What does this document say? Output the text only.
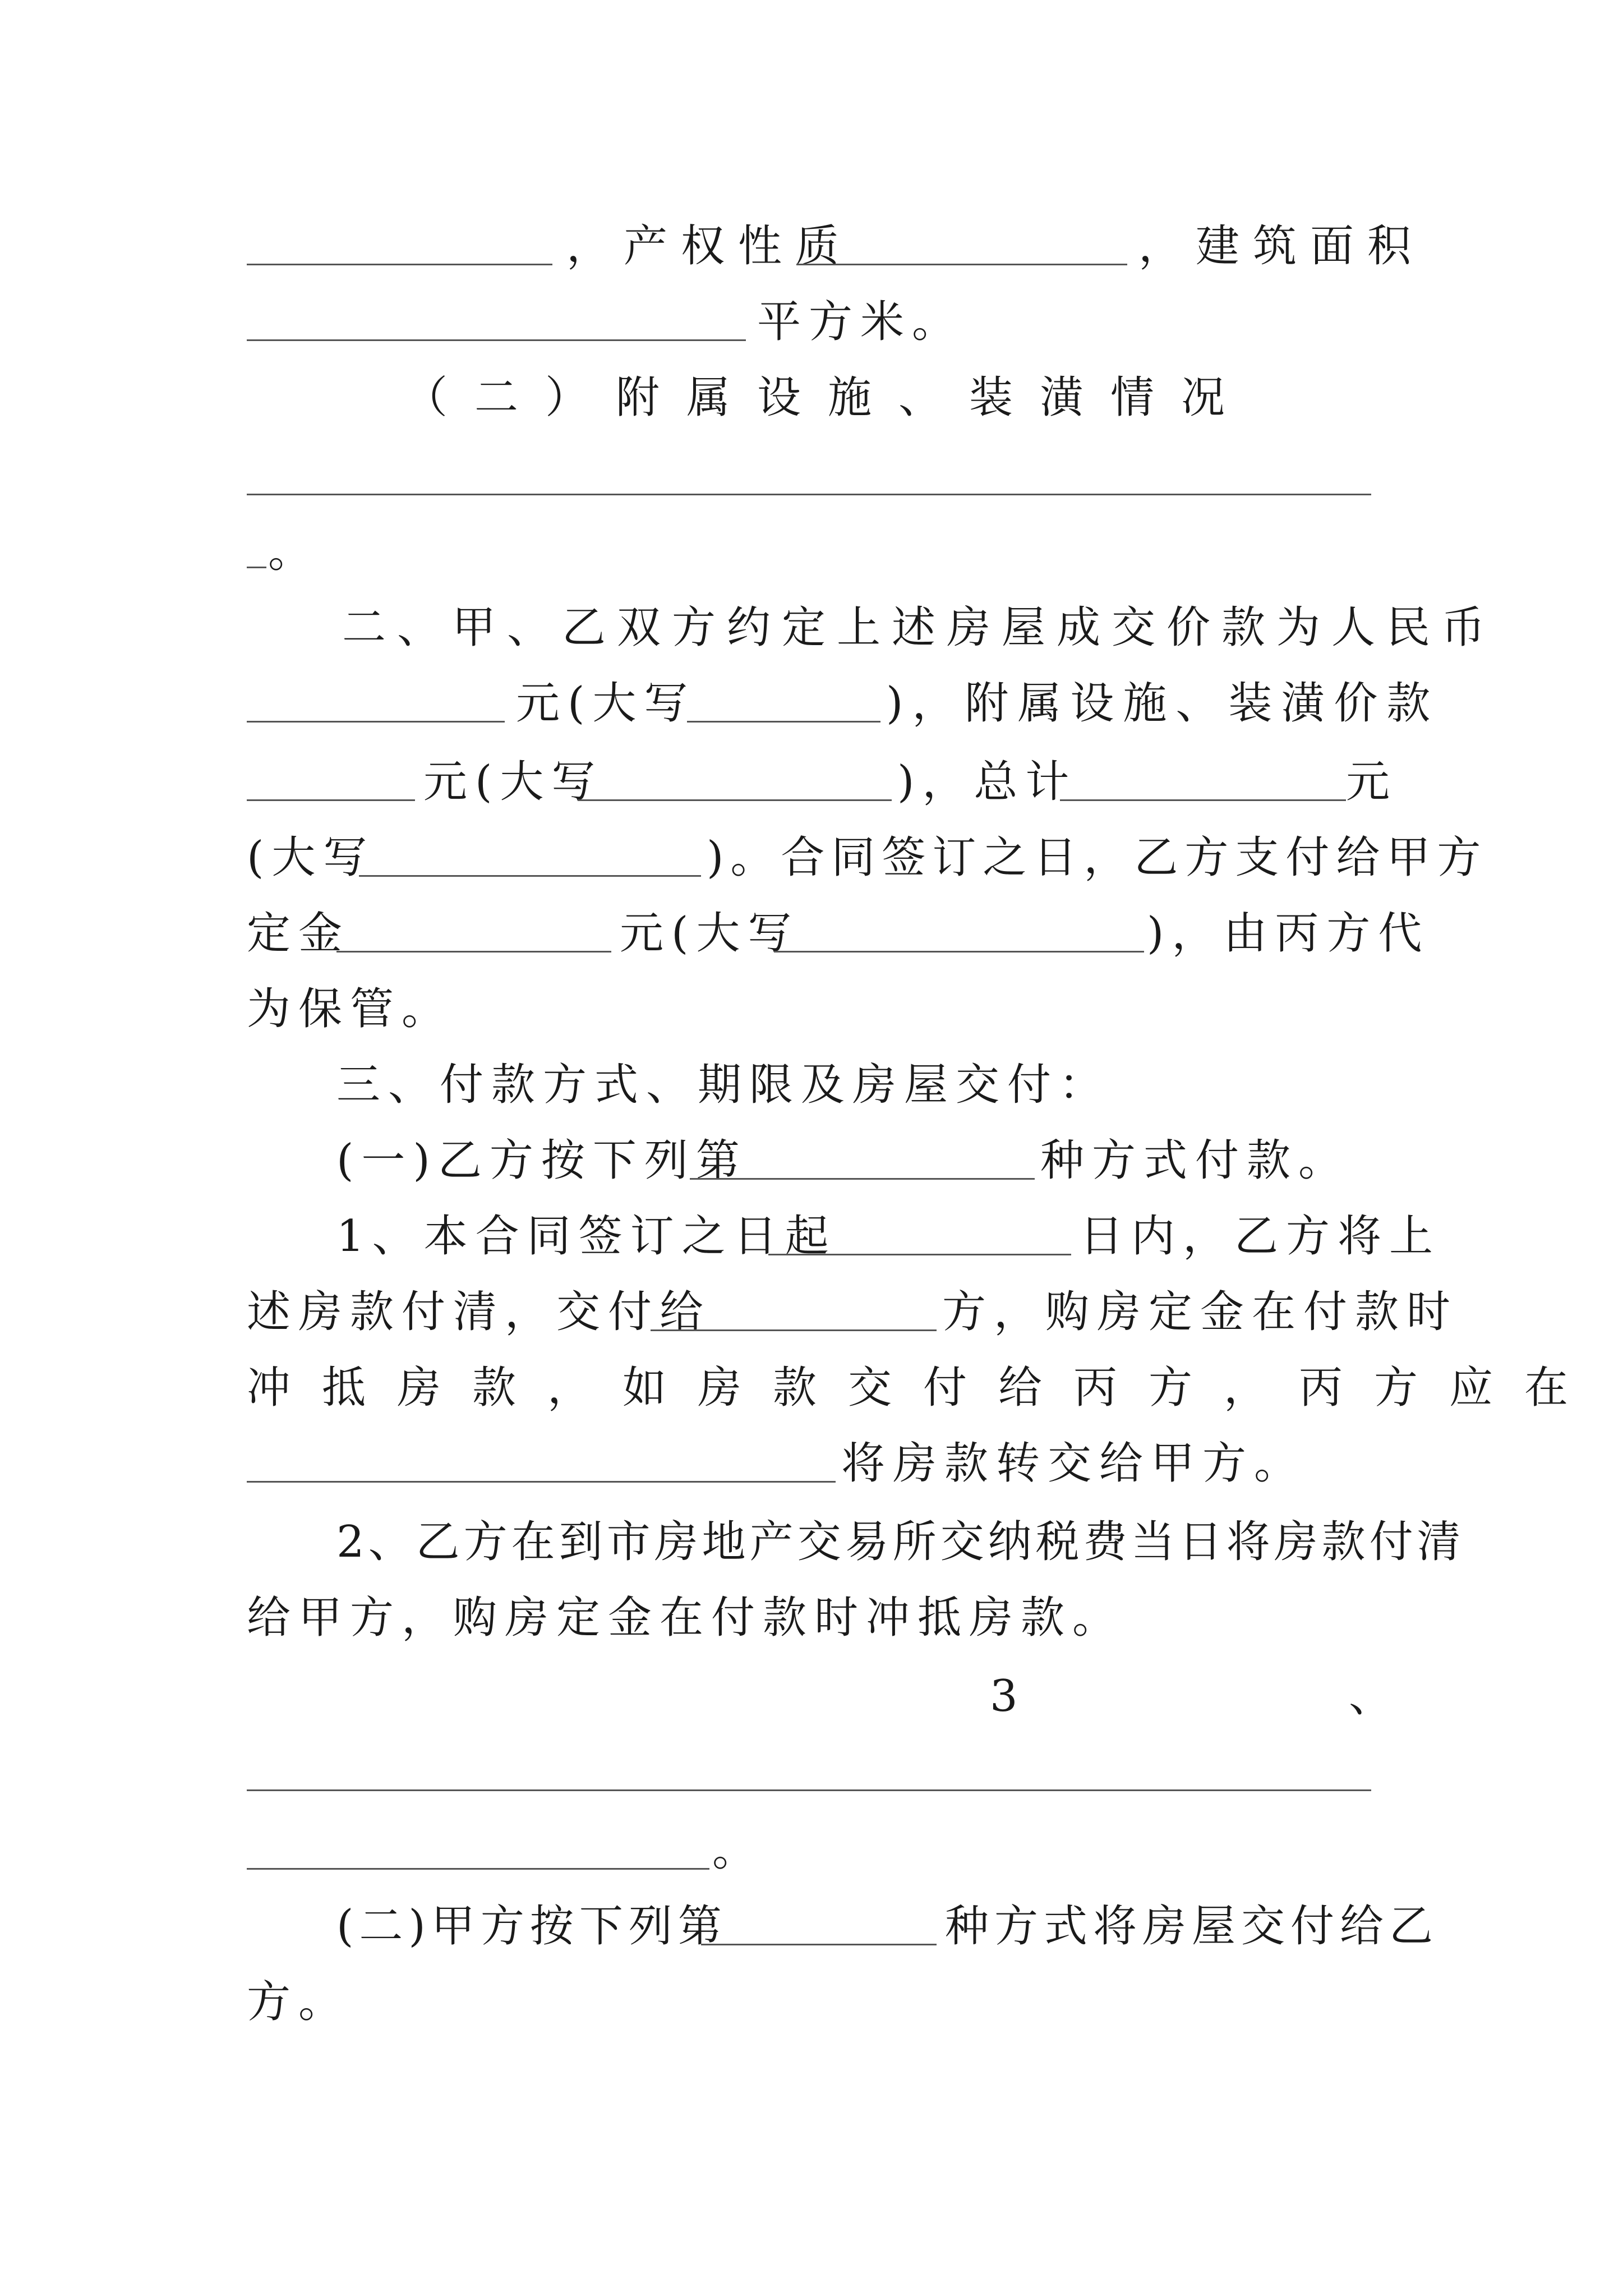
，产权性质	，建筑面积
平方米。
（二）附属设施、装潢情况
。
二、甲、乙双方约定上述房屋成交价款为人民币
元(大写	)，附属设施、装潢价款
元(大写	)，总计	元
(大写	)。合同签订之日，乙方支付给甲方
定金	元(大写	)，由丙方代
为保管。
三、付款方式、期限及房屋交付：
(一)乙方按下列第	种方式付款。
1、本合同签订之日起	日内，乙方将上
述房款付清，交付给	方，购房定金在付款时
冲抵房款，如房款交付给丙方，丙方应在
将房款转交给甲方。
2、乙方在到市房地产交易所交纳税费当日将房款付清
给甲方，购房定金在付款时冲抵房款。
3	、
。
(二)甲方按下列第	种方式将房屋交付给乙
方。
